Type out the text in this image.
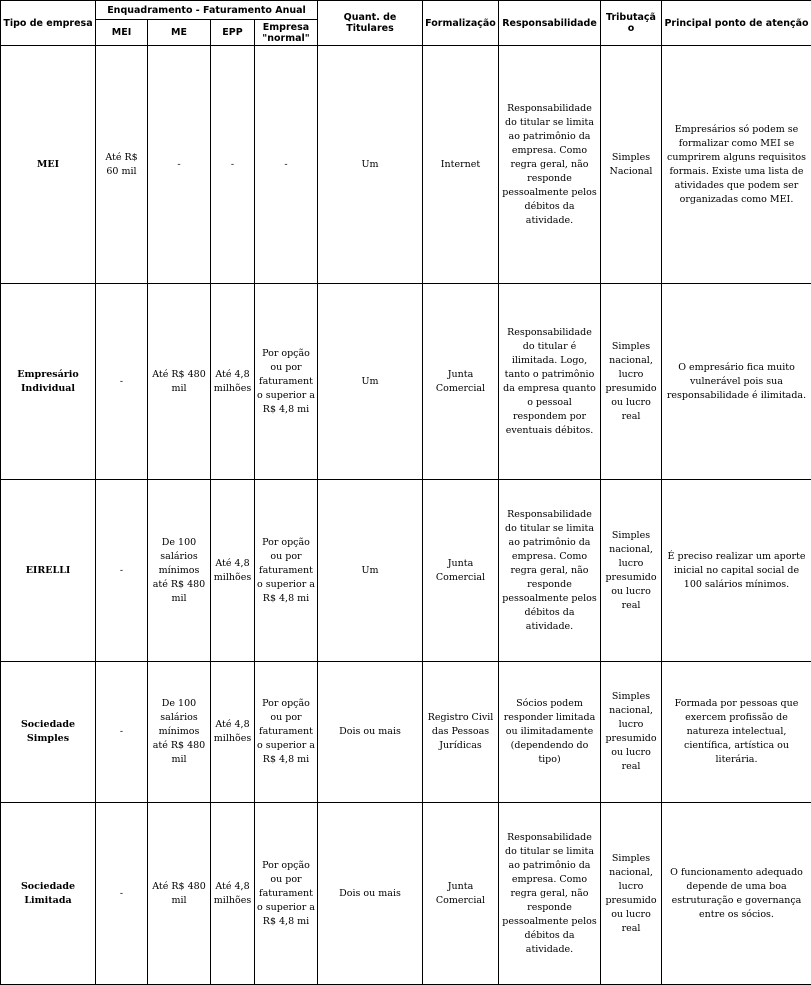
Tipo de empresa	Enquadramento - Faturamento Anual				Quant. de Titulares	Formalização	Responsabilidade	Tributação	Principal ponto de atenção
	MEI	ME	EPP	Empresa "normal"					
MEI	Até R$ 60 mil	-	-	-	Um	Internet	Responsabilidade do titular se limita ao patrimônio da empresa. Como regra geral, não responde pessoalmente pelos débitos da atividade.	Simples Nacional	Empresários só podem se formalizar como MEI se cumprirem alguns requisitos formais. Existe uma lista de atividades que podem ser organizadas como MEI.
Empresário Individual	-	Até R$ 480 mil	Até 4,8 milhões	Por opção ou por faturamento superior a R$ 4,8 mi	Um	Junta Comercial	Responsabilidade do titular é ilimitada. Logo, tanto o patrimônio da empresa quanto o pessoal respondem por eventuais débitos.	Simples nacional, lucro presumido ou lucro real	O empresário fica muito vulnerável pois sua responsabilidade é ilimitada.
EIRELLI	-	De 100 salários mínimos até R$ 480 mil	Até 4,8 milhões	Por opção ou por faturamento superior a R$ 4,8 mi	Um	Junta Comercial	Responsabilidade do titular se limita ao patrimônio da empresa. Como regra geral, não responde pessoalmente pelos débitos da atividade.	Simples nacional, lucro presumido ou lucro real	É preciso realizar um aporte inicial no capital social de 100 salários mínimos.
Sociedade Simples	-	De 100 salários mínimos até R$ 480 mil	Até 4,8 milhões	Por opção ou por faturamento superior a R$ 4,8 mi	Dois ou mais	Registro Civil das Pessoas Jurídicas	Sócios podem responder limitada ou ilimitadamente (dependendo do tipo)	Simples nacional, lucro presumido ou lucro real	Formada por pessoas que exercem profissão de natureza intelectual, científica, artística ou literária.
Sociedade Limitada	-	Até R$ 480 mil	Até 4,8 milhões	Por opção ou por faturamento superior a R$ 4,8 mi	Dois ou mais	Junta Comercial	Responsabilidade do titular se limita ao patrimônio da empresa. Como regra geral, não responde pessoalmente pelos débitos da atividade.	Simples nacional, lucro presumido ou lucro real	O funcionamento adequado depende de uma boa estruturação e governança entre os sócios.
